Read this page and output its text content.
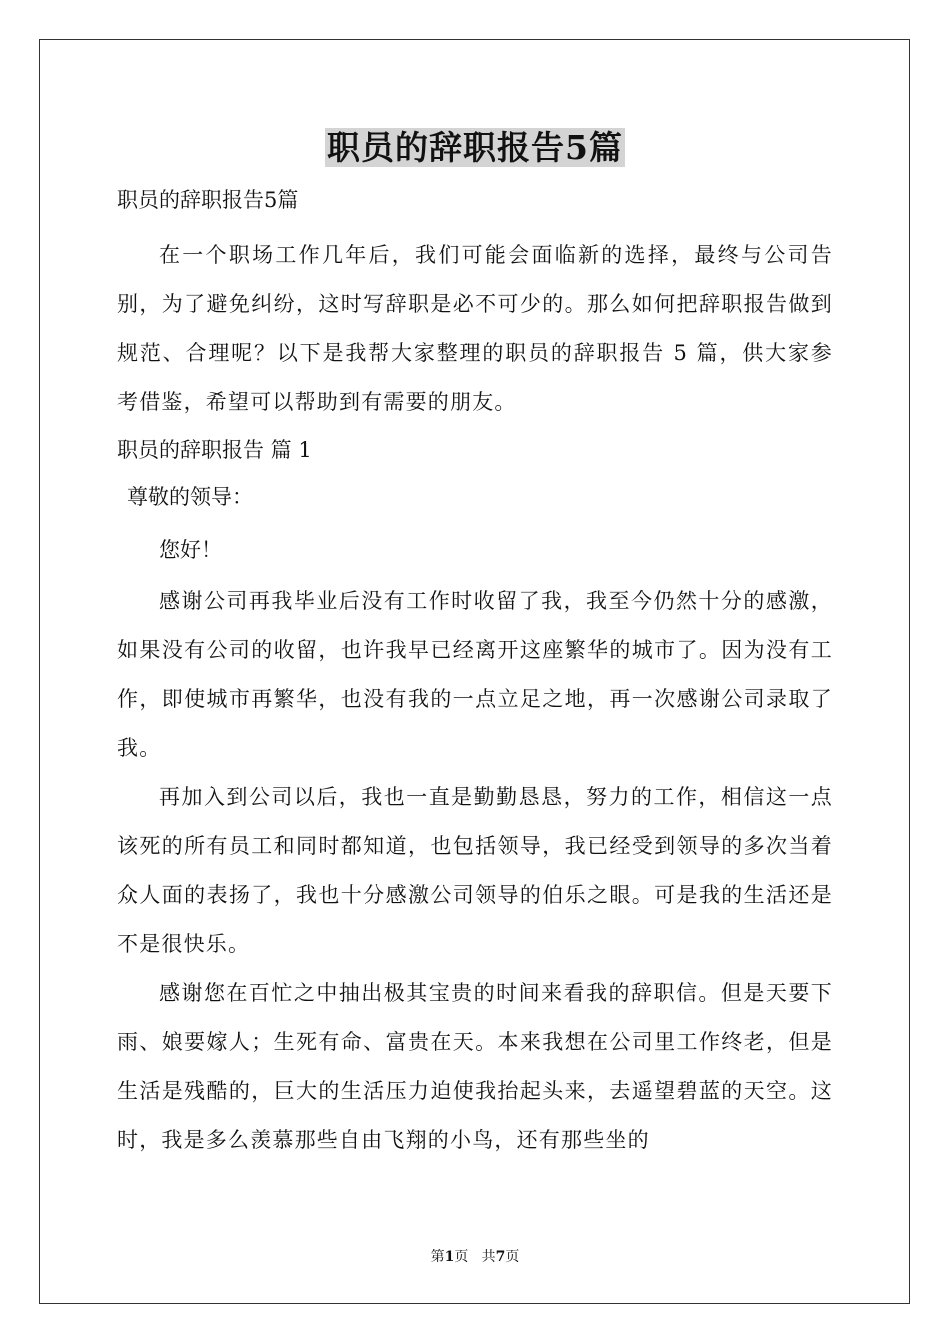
职员的辞职报告5篇

职员的辞职报告5篇

在一个职场工作几年后，我们可能会面临新的选择，最终与公司告别，为了避免纠纷，这时写辞职是必不可少的。那么如何把辞职报告做到规范、合理呢？以下是我帮大家整理的职员的辞职报告 5 篇，供大家参考借鉴，希望可以帮助到有需要的朋友。

职员的辞职报告 篇 1

尊敬的领导：

您好！

感谢公司再我毕业后没有工作时收留了我，我至今仍然十分的感激，如果没有公司的收留，也许我早已经离开这座繁华的城市了。因为没有工作，即使城市再繁华，也没有我的一点立足之地，再一次感谢公司录取了我。

再加入到公司以后，我也一直是勤勤恳恳，努力的工作，相信这一点该死的所有员工和同时都知道，也包括领导，我已经受到领导的多次当着众人面的表扬了，我也十分感激公司领导的伯乐之眼。可是我的生活还是不是很快乐。

感谢您在百忙之中抽出极其宝贵的时间来看我的辞职信。但是天要下雨、娘要嫁人；生死有命、富贵在天。本来我想在公司里工作终老，但是生活是残酷的，巨大的生活压力迫使我抬起头来，去遥望碧蓝的天空。这时，我是多么羡慕那些自由飞翔的小鸟，还有那些坐的

第1页 共7页
